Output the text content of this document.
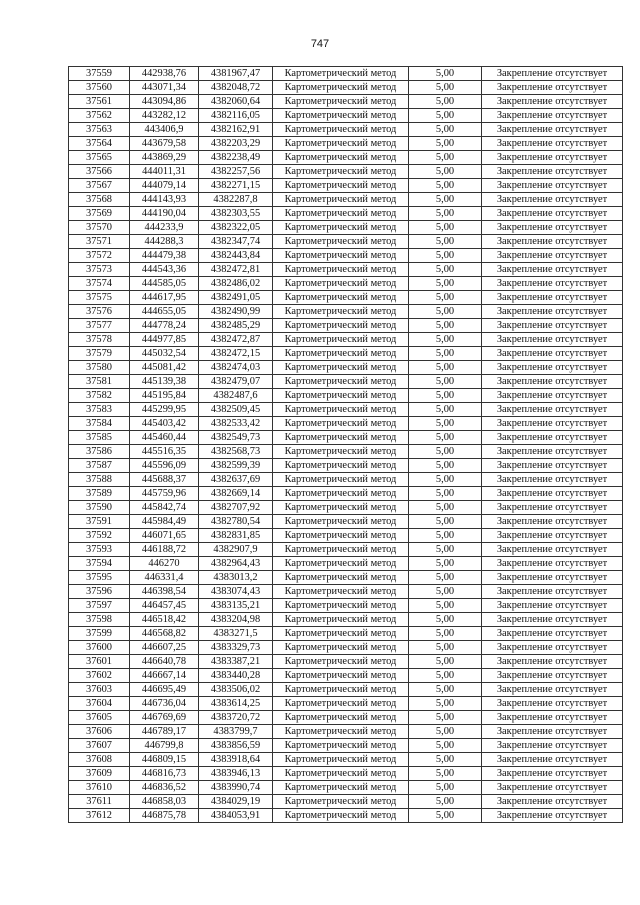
747
37559	442938,76	4381967,47	Картометрический метод	5,00	Закрепление отсутствует
37560	443071,34	4382048,72	Картометрический метод	5,00	Закрепление отсутствует
37561	443094,86	4382060,64	Картометрический метод	5,00	Закрепление отсутствует
37562	443282,12	4382116,05	Картометрический метод	5,00	Закрепление отсутствует
37563	443406,9	4382162,91	Картометрический метод	5,00	Закрепление отсутствует
37564	443679,58	4382203,29	Картометрический метод	5,00	Закрепление отсутствует
37565	443869,29	4382238,49	Картометрический метод	5,00	Закрепление отсутствует
37566	444011,31	4382257,56	Картометрический метод	5,00	Закрепление отсутствует
37567	444079,14	4382271,15	Картометрический метод	5,00	Закрепление отсутствует
37568	444143,93	4382287,8	Картометрический метод	5,00	Закрепление отсутствует
37569	444190,04	4382303,55	Картометрический метод	5,00	Закрепление отсутствует
37570	444233,9	4382322,05	Картометрический метод	5,00	Закрепление отсутствует
37571	444288,3	4382347,74	Картометрический метод	5,00	Закрепление отсутствует
37572	444479,38	4382443,84	Картометрический метод	5,00	Закрепление отсутствует
37573	444543,36	4382472,81	Картометрический метод	5,00	Закрепление отсутствует
37574	444585,05	4382486,02	Картометрический метод	5,00	Закрепление отсутствует
37575	444617,95	4382491,05	Картометрический метод	5,00	Закрепление отсутствует
37576	444655,05	4382490,99	Картометрический метод	5,00	Закрепление отсутствует
37577	444778,24	4382485,29	Картометрический метод	5,00	Закрепление отсутствует
37578	444977,85	4382472,87	Картометрический метод	5,00	Закрепление отсутствует
37579	445032,54	4382472,15	Картометрический метод	5,00	Закрепление отсутствует
37580	445081,42	4382474,03	Картометрический метод	5,00	Закрепление отсутствует
37581	445139,38	4382479,07	Картометрический метод	5,00	Закрепление отсутствует
37582	445195,84	4382487,6	Картометрический метод	5,00	Закрепление отсутствует
37583	445299,95	4382509,45	Картометрический метод	5,00	Закрепление отсутствует
37584	445403,42	4382533,42	Картометрический метод	5,00	Закрепление отсутствует
37585	445460,44	4382549,73	Картометрический метод	5,00	Закрепление отсутствует
37586	445516,35	4382568,73	Картометрический метод	5,00	Закрепление отсутствует
37587	445596,09	4382599,39	Картометрический метод	5,00	Закрепление отсутствует
37588	445688,37	4382637,69	Картометрический метод	5,00	Закрепление отсутствует
37589	445759,96	4382669,14	Картометрический метод	5,00	Закрепление отсутствует
37590	445842,74	4382707,92	Картометрический метод	5,00	Закрепление отсутствует
37591	445984,49	4382780,54	Картометрический метод	5,00	Закрепление отсутствует
37592	446071,65	4382831,85	Картометрический метод	5,00	Закрепление отсутствует
37593	446188,72	4382907,9	Картометрический метод	5,00	Закрепление отсутствует
37594	446270	4382964,43	Картометрический метод	5,00	Закрепление отсутствует
37595	446331,4	4383013,2	Картометрический метод	5,00	Закрепление отсутствует
37596	446398,54	4383074,43	Картометрический метод	5,00	Закрепление отсутствует
37597	446457,45	4383135,21	Картометрический метод	5,00	Закрепление отсутствует
37598	446518,42	4383204,98	Картометрический метод	5,00	Закрепление отсутствует
37599	446568,82	4383271,5	Картометрический метод	5,00	Закрепление отсутствует
37600	446607,25	4383329,73	Картометрический метод	5,00	Закрепление отсутствует
37601	446640,78	4383387,21	Картометрический метод	5,00	Закрепление отсутствует
37602	446667,14	4383440,28	Картометрический метод	5,00	Закрепление отсутствует
37603	446695,49	4383506,02	Картометрический метод	5,00	Закрепление отсутствует
37604	446736,04	4383614,25	Картометрический метод	5,00	Закрепление отсутствует
37605	446769,69	4383720,72	Картометрический метод	5,00	Закрепление отсутствует
37606	446789,17	4383799,7	Картометрический метод	5,00	Закрепление отсутствует
37607	446799,8	4383856,59	Картометрический метод	5,00	Закрепление отсутствует
37608	446809,15	4383918,64	Картометрический метод	5,00	Закрепление отсутствует
37609	446816,73	4383946,13	Картометрический метод	5,00	Закрепление отсутствует
37610	446836,52	4383990,74	Картометрический метод	5,00	Закрепление отсутствует
37611	446858,03	4384029,19	Картометрический метод	5,00	Закрепление отсутствует
37612	446875,78	4384053,91	Картометрический метод	5,00	Закрепление отсутствует
